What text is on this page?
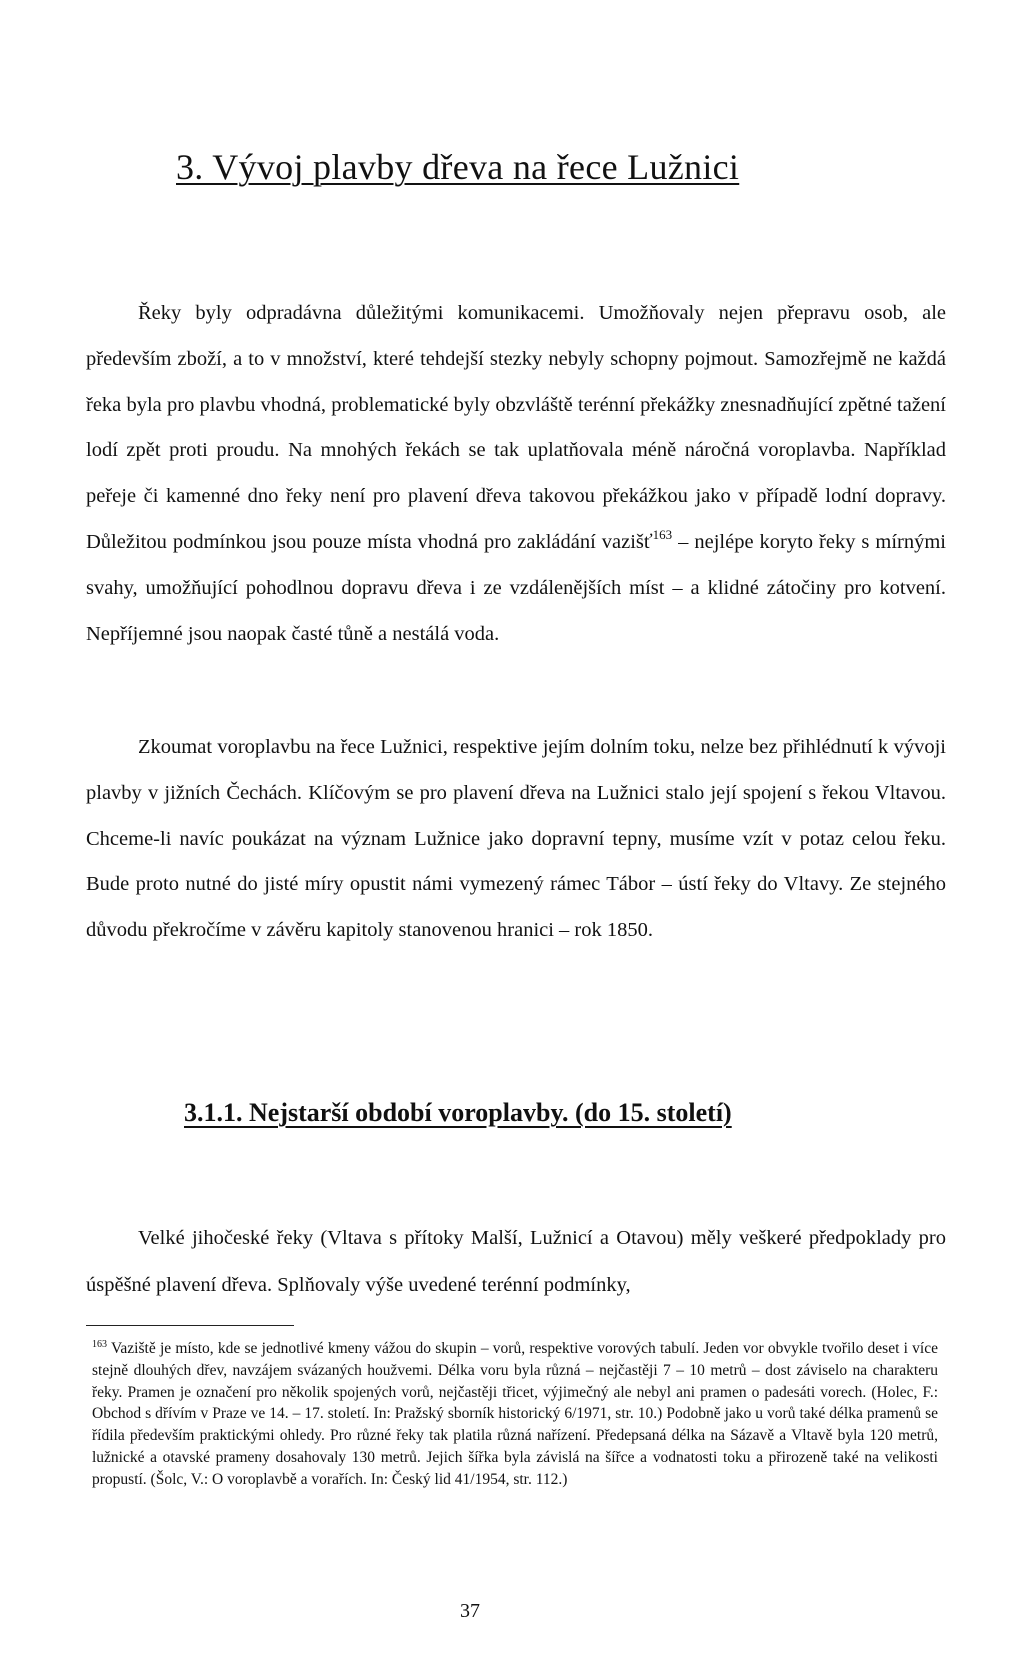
3. Vývoj plavby dřeva na řece Lužnici

Řeky byly odpradávna důležitými komunikacemi. Umožňovaly nejen přepravu osob, ale především zboží, a to v množství, které tehdejší stezky nebyly schopny pojmout. Samozřejmě ne každá řeka byla pro plavbu vhodná, problematické byly obzvláště terénní překážky znesnadňující zpětné tažení lodí zpět proti proudu. Na mnohých řekách se tak uplatňovala méně náročná voroplavba. Například peřeje či kamenné dno řeky není pro plavení dřeva takovou překážkou jako v případě lodní dopravy. Důležitou podmínkou jsou pouze místa vhodná pro zakládání vazišť$^{163}$ – nejlépe koryto řeky s mírnými svahy, umožňující pohodlnou dopravu dřeva i ze vzdálenějších míst – a klidné zátočiny pro kotvení. Nepříjemné jsou naopak časté tůně a nestálá voda.

Zkoumat voroplavbu na řece Lužnici, respektive jejím dolním toku, nelze bez přihlédnutí k vývoji plavby v jižních Čechách. Klíčovým se pro plavení dřeva na Lužnici stalo její spojení s řekou Vltavou. Chceme-li navíc poukázat na význam Lužnice jako dopravní tepny, musíme vzít v potaz celou řeku. Bude proto nutné do jisté míry opustit námi vymezený rámec Tábor – ústí řeky do Vltavy. Ze stejného důvodu překročíme v závěru kapitoly stanovenou hranici – rok 1850.

3.1.1. Nejstarší období voroplavby. (do 15. století)

Velké jihočeské řeky (Vltava s přítoky Malší, Lužnicí a Otavou) měly veškeré předpoklady pro úspěšné plavení dřeva. Splňovaly výše uvedené terénní podmínky,

$^{163}$ Vaziště je místo, kde se jednotlivé kmeny vážou do skupin – vorů, respektive vorových tabulí. Jeden vor obvykle tvořilo deset i více stejně dlouhých dřev, navzájem svázaných houžvemi. Délka voru byla různá – nejčastěji 7 – 10 metrů – dost záviselo na charakteru řeky. Pramen je označení pro několik spojených vorů, nejčastěji třicet, výjimečný ale nebyl ani pramen o padesáti vorech. (Holec, F.: Obchod s dřívím v Praze ve 14. – 17. století. In: Pražský sborník historický 6/1971, str. 10.) Podobně jako u vorů také délka pramenů se řídila především praktickými ohledy. Pro různé řeky tak platila různá nařízení. Předepsaná délka na Sázavě a Vltavě byla 120 metrů, lužnické a otavské prameny dosahovaly 130 metrů. Jejich šířka byla závislá na šířce a vodnatosti toku a přirozeně také na velikosti propustí. (Šolc, V.: O voroplavbě a vorařích. In: Český lid 41/1954, str. 112.)

37
